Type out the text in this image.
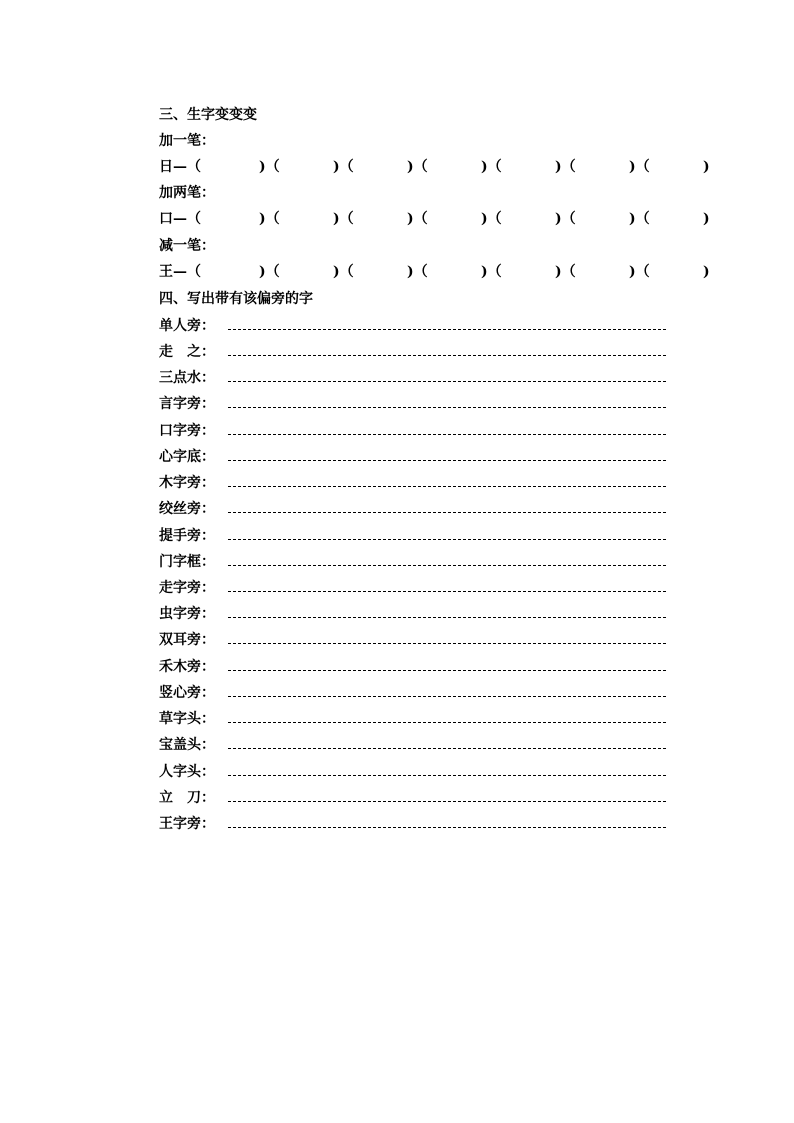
三、生字变变变
加一笔：
日—（	)（	)（	)（	)（	)（	)（	)
加两笔：
口—（	)（	)（	)（	)（	)（	)（	)
减一笔：
王—（	)（	)（	)（	)（	)（	)（	)
四、写出带有该偏旁的字
单人旁：
走　之：
三点水：
言字旁：
口字旁：
心字底：
木字旁：
绞丝旁：
提手旁：
门字框：
走字旁：
虫字旁：
双耳旁：
禾木旁：
竖心旁：
草字头：
宝盖头：
人字头：
立　刀：
王字旁：
